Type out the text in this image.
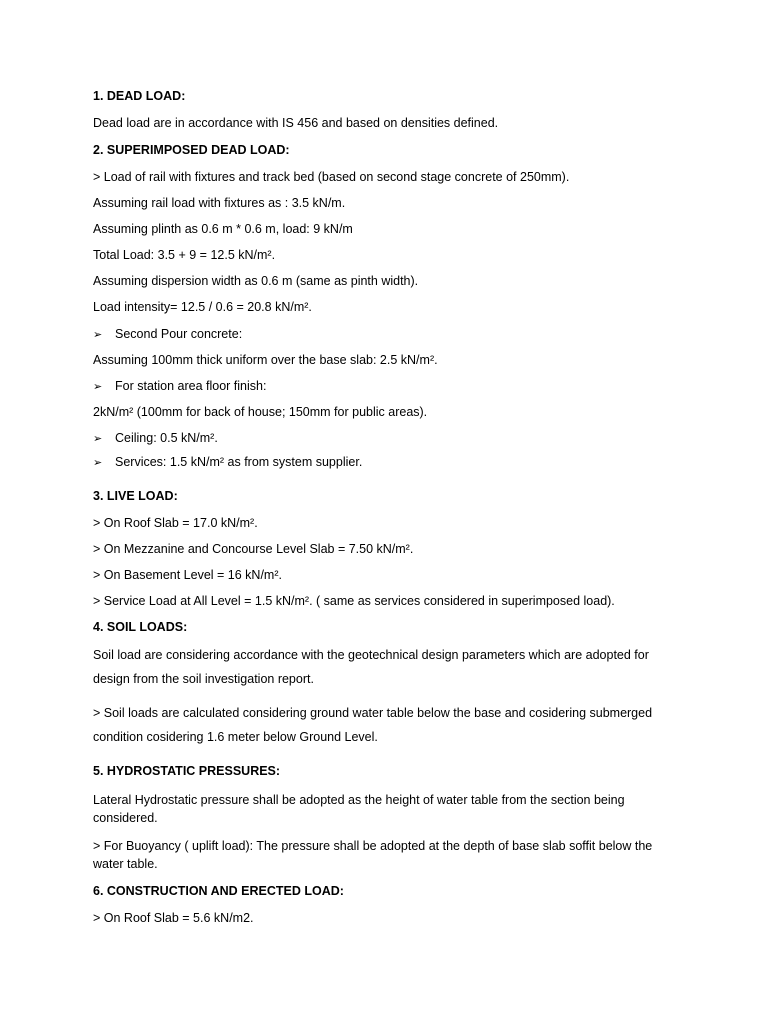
1. DEAD LOAD:
Dead load are in accordance with IS 456 and based on densities defined.
2. SUPERIMPOSED DEAD LOAD:
> Load of rail with fixtures and track bed (based on second stage concrete of 250mm).
Assuming rail load with fixtures as : 3.5 kN/m.
Assuming plinth as 0.6 m * 0.6 m, load: 9 kN/m
Total Load: 3.5 + 9 = 12.5 kN/m².
Assuming dispersion width as 0.6 m (same as pinth width).
Load intensity= 12.5 / 0.6 = 20.8 kN/m².
➢ Second Pour concrete:
Assuming 100mm thick uniform over the base slab: 2.5 kN/m².
➢ For station area floor finish:
2kN/m² (100mm for back of house; 150mm for public areas).
➢ Ceiling: 0.5 kN/m².
➢ Services: 1.5 kN/m² as from system supplier.
3. LIVE LOAD:
> On Roof Slab = 17.0 kN/m².
> On Mezzanine and Concourse Level Slab = 7.50 kN/m².
> On Basement Level = 16 kN/m².
> Service Load at All Level = 1.5 kN/m². ( same as services considered in superimposed load).
4. SOIL LOADS:
Soil load are considering accordance with the geotechnical design parameters which are adopted for design from the soil investigation report.
> Soil loads are calculated considering ground water table below the base and cosidering submerged condition cosidering 1.6 meter below Ground Level.
5. HYDROSTATIC PRESSURES:
Lateral Hydrostatic pressure shall be adopted as the height of water table from the section being considered.
> For Buoyancy ( uplift load): The pressure shall be adopted at the depth of base slab soffit below the water table.
6. CONSTRUCTION AND ERECTED LOAD:
> On Roof Slab = 5.6 kN/m2.
